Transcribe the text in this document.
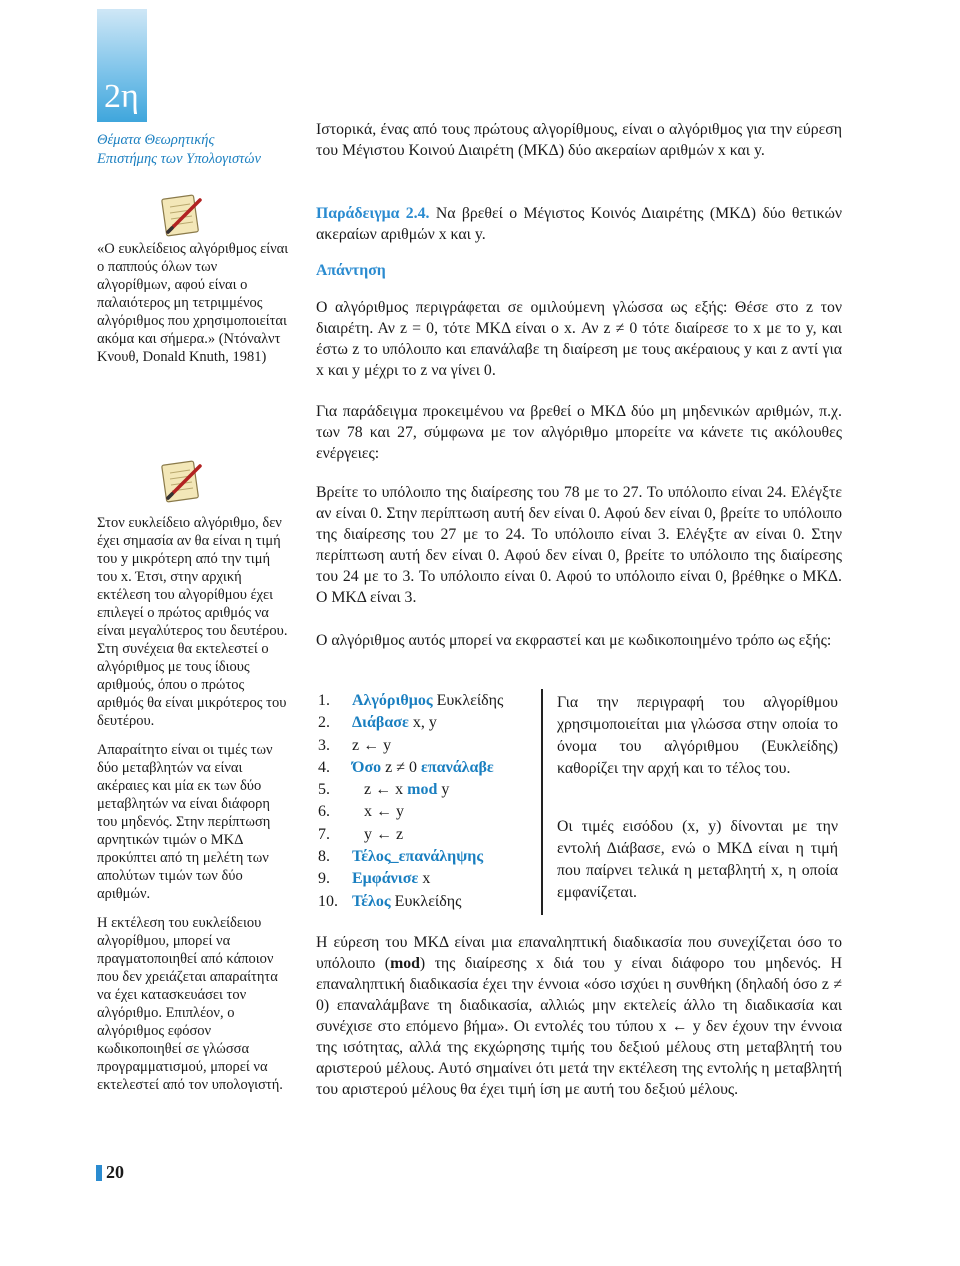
2η
Θέματα Θεωρητικής
Επιστήμης των Υπολογιστών

«Ο ευκλείδειος αλγόριθμος είναι ο παππούς όλων των αλγορίθμων, αφού είναι ο παλαιότερος μη τετριμμένος αλγόριθμος που χρησιμοποιείται ακόμα και σήμερα.» (Ντόναλντ Κνουθ, Donald Knuth, 1981)

Στον ευκλείδειο αλγόριθμο, δεν έχει σημασία αν θα είναι η τιμή του y μικρότερη από την τιμή του x. Έτσι, στην αρχική εκτέλεση του αλγορίθμου έχει επιλεγεί ο πρώτος αριθμός να είναι μεγαλύτερος του δευτέρου. Στη συνέχεια θα εκτελεστεί ο αλγόριθμος με τους ίδιους αριθμούς, όπου ο πρώτος αριθμός θα είναι μικρότερος του δευτέρου.

Απαραίτητο είναι οι τιμές των δύο μεταβλητών να είναι ακέραιες και μία εκ των δύο μεταβλητών να είναι διάφορη του μηδενός. Στην περίπτωση αρνητικών τιμών ο ΜΚΔ προκύπτει από τη μελέτη των απολύτων τιμών των δύο αριθμών.

Η εκτέλεση του ευκλείδειου αλγορίθμου, μπορεί να πραγματοποιηθεί από κάποιον που δεν χρειάζεται απαραίτητα να έχει κατασκευάσει τον αλγόριθμο. Επιπλέον, ο αλγόριθμος εφόσον κωδικοποιηθεί σε γλώσσα προγραμματισμού, μπορεί να εκτελεστεί από τον υπολογιστή.

Ιστορικά, ένας από τους πρώτους αλγορίθμους, είναι ο αλγόριθμος για την εύρεση του Μέγιστου Κοινού Διαιρέτη (ΜΚΔ) δύο ακεραίων αριθμών x και y.

Παράδειγμα 2.4. Να βρεθεί ο Μέγιστος Κοινός Διαιρέτης (ΜΚΔ) δύο θετικών ακεραίων αριθμών x και y.

Απάντηση

Ο αλγόριθμος περιγράφεται σε ομιλούμενη γλώσσα ως εξής: Θέσε στο z τον διαιρέτη. Αν z = 0, τότε ΜΚΔ είναι ο x. Αν z ≠ 0 τότε διαίρεσε το x με το y, και έστω z το υπόλοιπο και επανάλαβε τη διαίρεση με τους ακέραιους y και z αντί για x και y μέχρι το z να γίνει 0.

Για παράδειγμα προκειμένου να βρεθεί ο ΜΚΔ δύο μη μηδενικών αριθμών, π.χ. των 78 και 27, σύμφωνα με τον αλγόριθμο μπορείτε να κάνετε τις ακόλουθες ενέργειες:

Βρείτε το υπόλοιπο της διαίρεσης του 78 με το 27. Το υπόλοιπο είναι 24. Ελέγξτε αν είναι 0. Στην περίπτωση αυτή δεν είναι 0. Αφού δεν είναι 0, βρείτε το υπόλοιπο της διαίρεσης του 27 με το 24. Το υπόλοιπο είναι 3. Ελέγξτε αν είναι 0. Στην περίπτωση αυτή δεν είναι 0. Αφού δεν είναι 0, βρείτε το υπόλοιπο της διαίρεσης του 24 με το 3. Το υπόλοιπο είναι 0. Αφού το υπόλοιπο είναι 0, βρέθηκε ο ΜΚΔ. Ο ΜΚΔ είναι 3.

Ο αλγόριθμος αυτός μπορεί να εκφραστεί και με κωδικοποιημένο τρόπο ως εξής:

1.	Αλγόριθμος Ευκλείδης
2.	Διάβασε x, y
3.	z ← y
4.	Όσο z ≠ 0 επανάλαβε
5.	z ← x mod y
6.	x ← y
7.	y ← z
8.	Τέλος_επανάληψης
9.	Εμφάνισε x
10. Τέλος Ευκλείδης

Για την περιγραφή του αλγορίθμου χρησιμοποιείται μια γλώσσα στην οποία το όνομα του αλγόριθμου (Ευκλείδης) καθορίζει την αρχή και το τέλος του.

Οι τιμές εισόδου (x, y) δίνονται με την εντολή Διάβασε, ενώ ο ΜΚΔ είναι η τιμή που παίρνει τελικά η μεταβλητή x, η οποία εμφανίζεται.

Η εύρεση του ΜΚΔ είναι μια επαναληπτική διαδικασία που συνεχίζεται όσο το υπόλοιπο (mod) της διαίρεσης x διά του y είναι διάφορο του μηδενός. Η επαναληπτική διαδικασία έχει την έννοια «όσο ισχύει η συνθήκη (δηλαδή όσο z ≠ 0) επαναλάμβανε τη διαδικασία, αλλιώς μην εκτελείς άλλο τη διαδικασία και συνέχισε στο επόμενο βήμα». Οι εντολές του τύπου x ← y δεν έχουν την έννοια της ισότητας, αλλά της εκχώρησης τιμής του δεξιού μέλους στη μεταβλητή του αριστερού μέλους. Αυτό σημαίνει ότι μετά την εκτέλεση της εντολής η μεταβλητή του αριστερού μέλους θα έχει τιμή ίση με αυτή του δεξιού μέλους.

20
